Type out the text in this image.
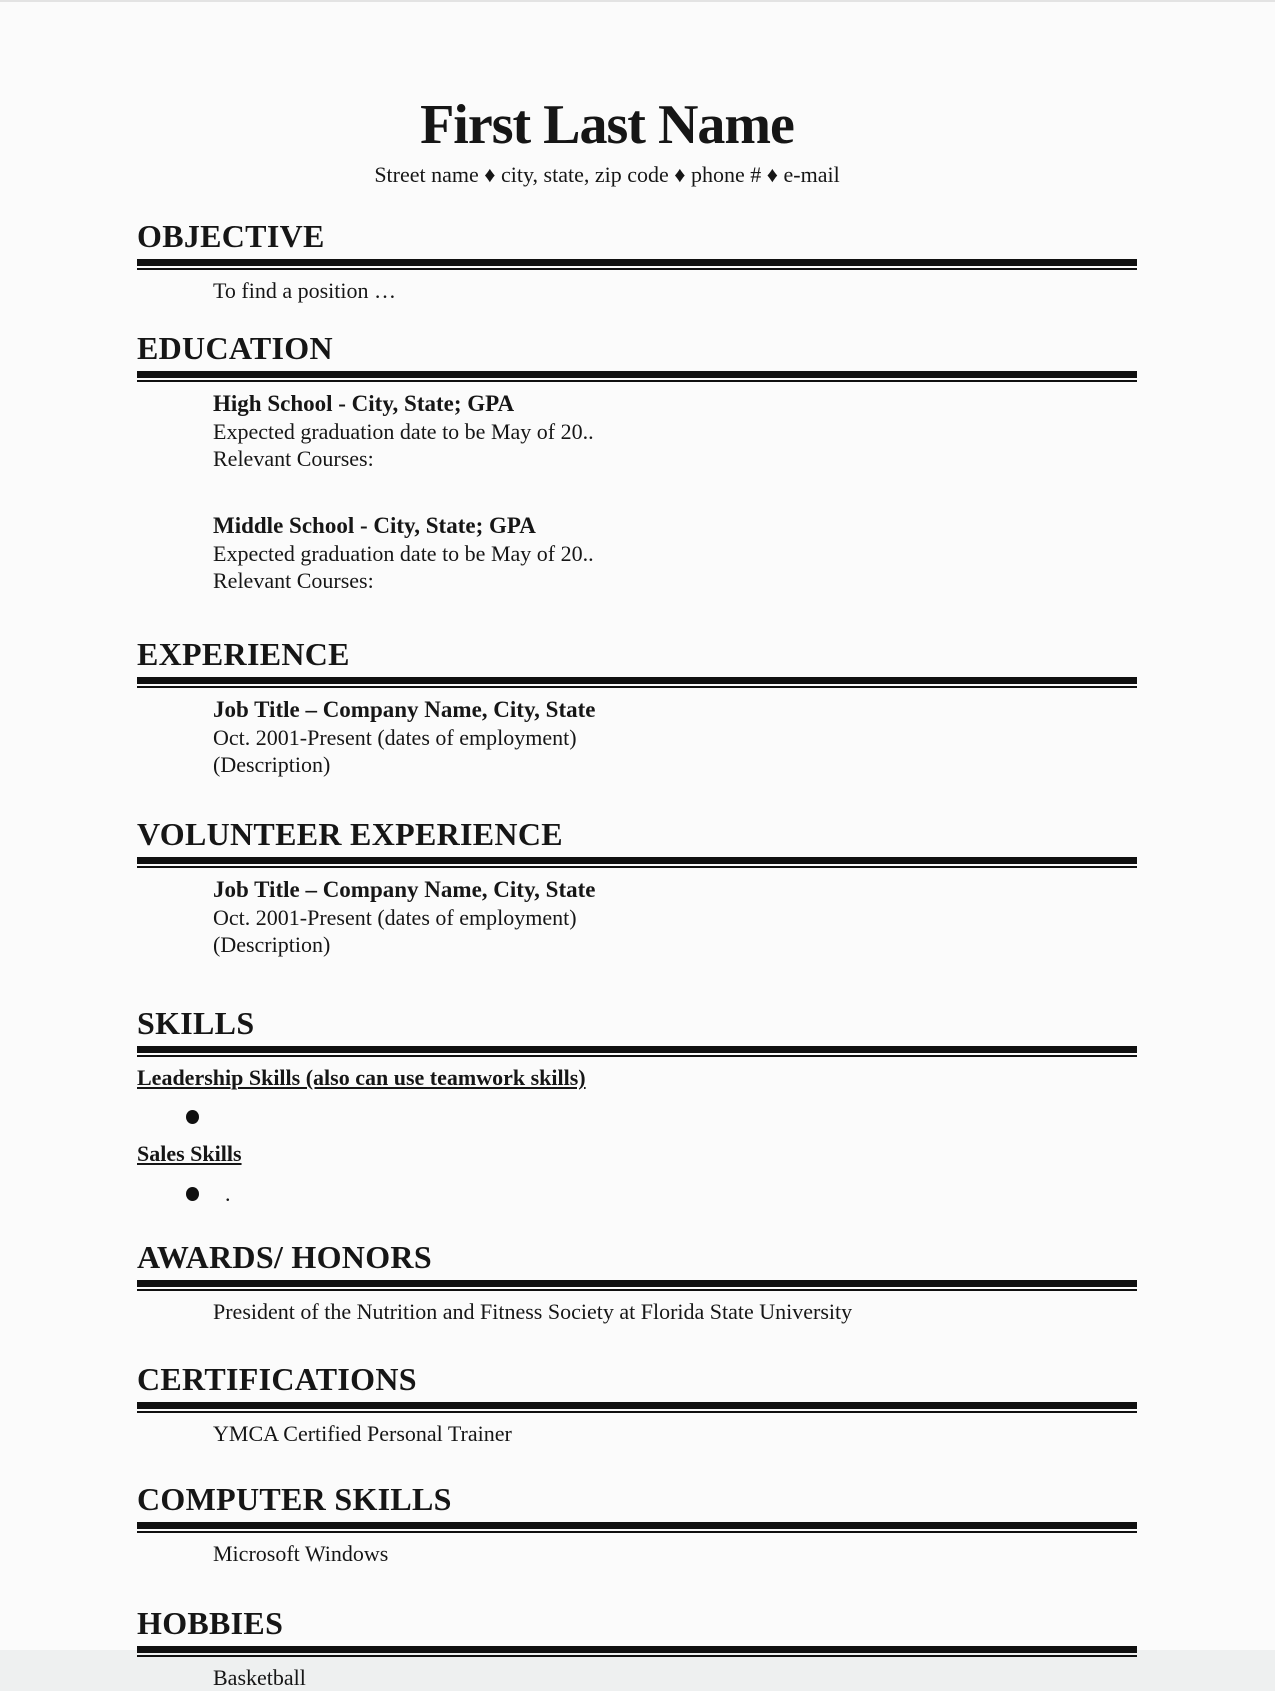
First Last Name

Street name ♦ city, state, zip code ♦ phone # ♦ e-mail

OBJECTIVE

To find a position …

EDUCATION

High School - City, State; GPA

Expected graduation date to be May of 20..

Relevant Courses:

Middle School - City, State; GPA

Expected graduation date to be May of 20..

Relevant Courses:

EXPERIENCE

Job Title – Company Name, City, State

Oct. 2001-Present (dates of employment)

(Description)

VOLUNTEER EXPERIENCE

Job Title – Company Name, City, State

Oct. 2001-Present (dates of employment)

(Description)

SKILLS

Leadership Skills (also can use teamwork skills)

Sales Skills

.
AWARDS/ HONORS

President of the Nutrition and Fitness Society at Florida State University

CERTIFICATIONS

YMCA Certified Personal Trainer

COMPUTER SKILLS

Microsoft Windows

HOBBIES

Basketball
